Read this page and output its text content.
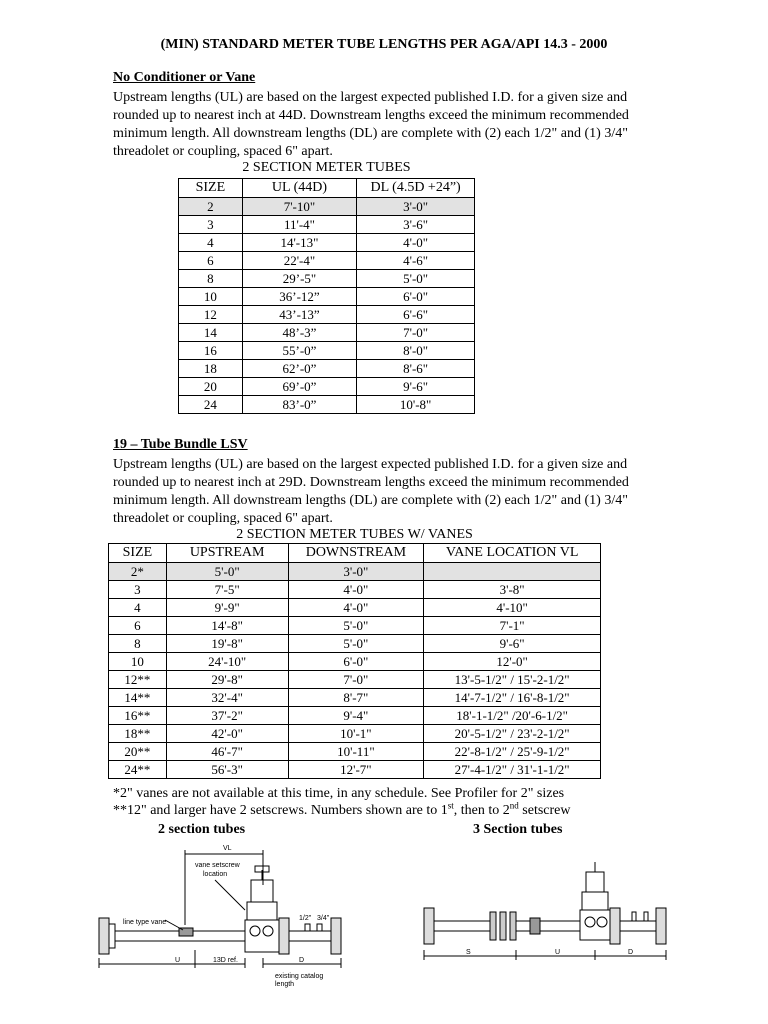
(MIN) STANDARD METER TUBE LENGTHS PER AGA/API 14.3 - 2000
No Conditioner or Vane
Upstream lengths (UL) are based on the largest expected published I.D. for a given size and
rounded up to nearest inch at 44D. Downstream lengths exceed the minimum recommended
minimum length. All downstream lengths (DL) are complete with (2) each 1/2" and (1) 3/4"
threadolet or coupling, spaced 6" apart.
2 SECTION METER TUBES
SIZE	UL (44D)	DL (4.5D +24”)
2	7'-10"	3'-0"
3	11'-4"	3'-6"
4	14'-13"	4'-0"
6	22'-4"	4'-6"
8	29’-5"	5'-0"
10	36’-12”	6'-0"
12	43’-13”	6'-6"
14	48’-3”	7'-0"
16	55’-0”	8'-0"
18	62’-0”	8'-6"
20	69’-0”	9'-6"
24	83’-0”	10'-8"
19 – Tube Bundle LSV
Upstream lengths (UL) are based on the largest expected published I.D. for a given size and
rounded up to nearest inch at 29D. Downstream lengths exceed the minimum recommended
minimum length. All downstream lengths (DL) are complete with (2) each 1/2" and (1) 3/4"
threadolet or coupling, spaced 6" apart.
2 SECTION METER TUBES W/ VANES
SIZE	UPSTREAM	DOWNSTREAM	VANE LOCATION VL
2*	5'-0"	3'-0"	
3	7'-5"	4'-0"	3'-8"
4	9'-9"	4'-0"	4'-10"
6	14'-8"	5'-0"	7'-1"
8	19'-8"	5'-0"	9'-6"
10	24'-10"	6'-0"	12'-0"
12**	29'-8"	7'-0"	13'-5-1/2" / 15'-2-1/2"
14**	32'-4"	8'-7"	14'-7-1/2" / 16'-8-1/2"
16**	37'-2"	9'-4"	18'-1-1/2" /20'-6-1/2"
18**	42'-0"	10'-1"	20'-5-1/2" / 23'-2-1/2"
20**	46'-7"	10'-11"	22'-8-1/2" / 25'-9-1/2"
24**	56'-3"	12'-7"	27'-4-1/2" / 31'-1-1/2"
*2" vanes are not available at this time, in any schedule. See Profiler for 2" sizes
**12" and larger have 2 setscrews. Numbers shown are to 1st, then to 2nd setscrew
2 section tubes	3 Section tubes
VL
vane setscrew
location
line type vane
1/2" 3/4"
U	13D ref.	D
existing catalog
length
S	U	D
